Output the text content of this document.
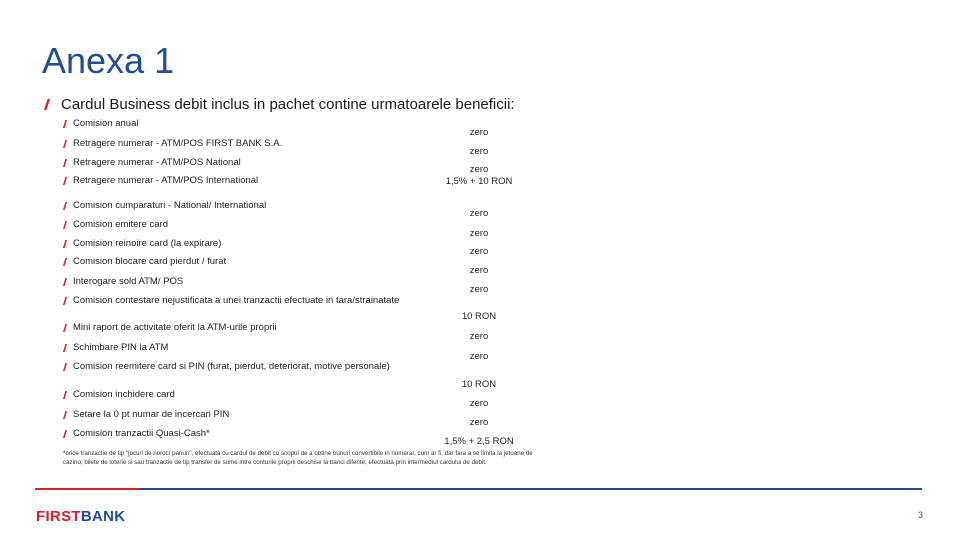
Anexa 1
Cardul Business debit inclus in pachet contine urmatoarele beneficii:
Comision anual
Retragere numerar - ATM/POS FIRST BANK S.A.
Retragere numerar - ATM/POS National
Retragere numerar - ATM/POS International
Comision cumparaturi - National/ International
Comision emitere card
Comision reinoire card (la expirare)
Comision blocare card pierdut / furat
Interogare sold ATM/ POS
Comision contestare nejustificata a unei tranzactii efectuate in tara/strainatate
Mini raport de activitate oferit la ATM-urile proprii
Schimbare PIN la ATM
Comision reemitere card si PIN (furat, pierdut, deteriorat, motive personale)
Comision inchidere card
Setare la 0 pt numar de incercari PIN
Comision tranzactii Quasi-Cash*
zero
zero
zero
1,5% + 10 RON
zero
zero
zero
zero
zero
10 RON
zero
zero
10 RON
zero
zero
1,5% + 2,5 RON
*orice tranzactie de tip "jocuri de noroc/ pariuri", efectuata cu cardul de debit cu scopul de a obtine bunuri convertibile in numerar, cum ar fi, dar fara a se limita la jetoane de cazino, bilete de loterie si sau tranzactie de tip transfer de sume intre conturile proprii deschise la banci diferite, efectuata prin intermediul cardului de debit.
FIRSTBANK	3
